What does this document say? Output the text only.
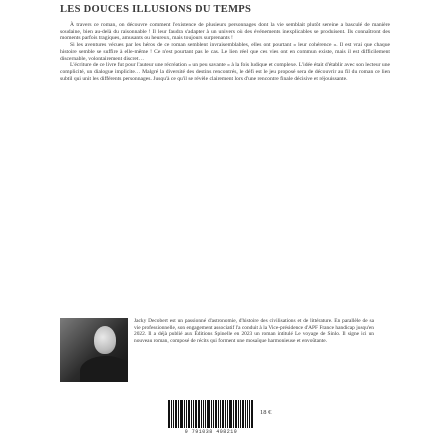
LES DOUCES ILLUSIONS DU TEMPS

À travers ce roman, on découvre comment l'existence de plusieurs personnages dont la vie semblait plutôt sereine a basculé de manière soudaine, bien au-delà du raisonnable ! Il leur faudra s'adapter à un univers où des événements inexplicables se produisent. Ils connaîtront des moments parfois tragiques, amusants ou heureux, mais toujours surprenants !

Si les aventures vécues par les héros de ce roman semblent invraisemblables, elles ont pourtant « leur cohérence ». Il est vrai que chaque histoire semble se suffire à elle-même ! Ce n'est pourtant pas le cas. Le lien réel que ces vies ont en commun existe, mais il est difficilement discernable, volontairement discret…

L'écriture de ce livre fut pour l'auteur une récréation « un peu savante » à la fois ludique et complexe. L'idée était d'établir avec son lecteur une complicité, un dialogue implicite… Malgré la diversité des destins rencontrés, le défi est le jeu proposé sera de découvrir au fil du roman ce lien subtil qui unit les différents personnages. Jusqu'à ce qu'il se révèle clairement lors d'une rencontre finale décisive et réjouissante.

Jacky Decobert est un passionné d'astronomie, d'histoire des civilisations et de littérature. En parallèle de sa vie professionnelle, son engagement associatif l'a conduit à la Vice-présidence d'APF France handicap jusqu'en 2022. Il a déjà publié aux Éditions Spinelle en 2023 un roman intitulé Le voyage de Sinlo. Il signe ici un nouveau roman, composé de récits qui forment une mosaïque harmonieuse et envoûtante.
9 791038 408219
18 €
